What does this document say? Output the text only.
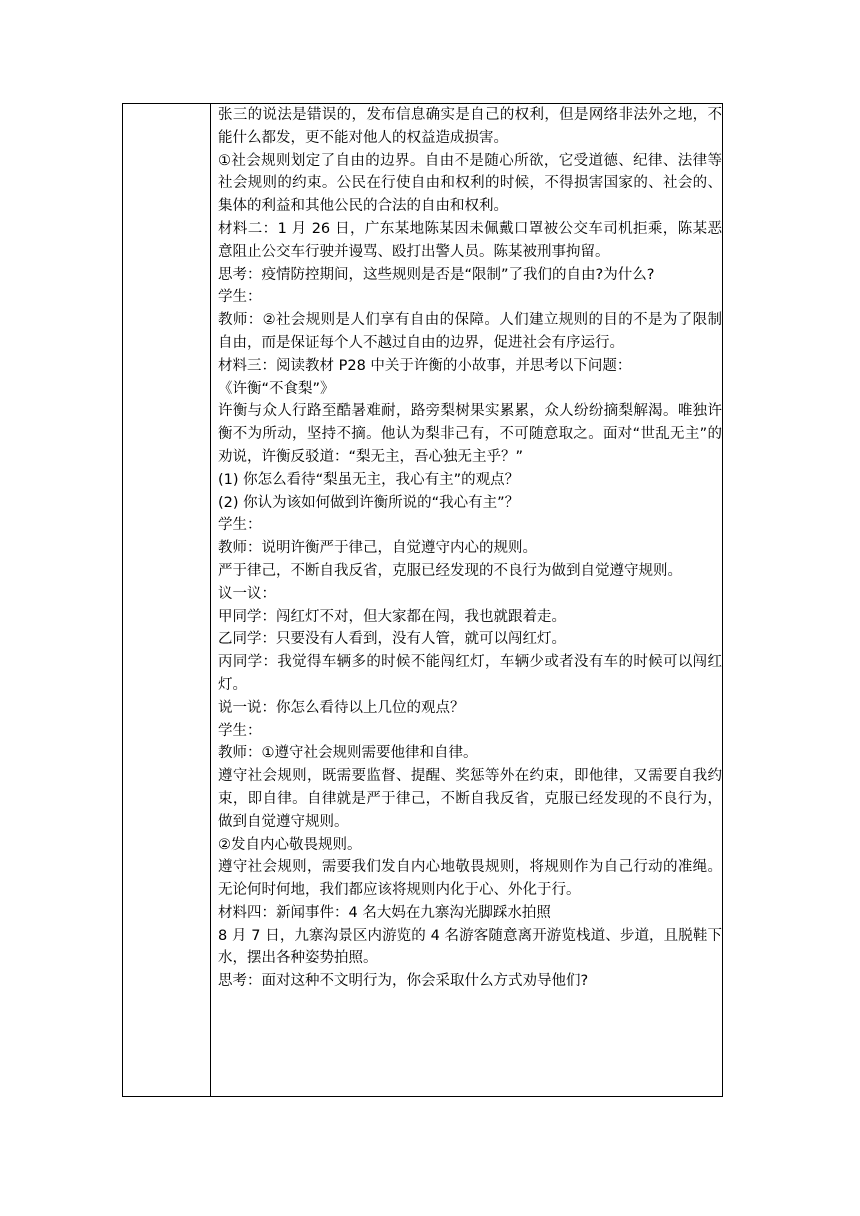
张三的说法是错误的，发布信息确实是自己的权利，但是网络非法外之地，不能什么都发，更不能对他人的权益造成损害。

①社会规则划定了自由的边界。自由不是随心所欲，它受道德、纪律、法律等社会规则的约束。公民在行使自由和权利的时候，不得损害国家的、社会的、集体的利益和其他公民的合法的自由和权利。

材料二：1 月 26 日，广东某地陈某因未佩戴口罩被公交车司机拒乘，陈某恶意阻止公交车行驶并谩骂、殴打出警人员。陈某被刑事拘留。

思考：疫情防控期间，这些规则是否是“限制”了我们的自由?为什么?

学生：

教师：②社会规则是人们享有自由的保障。人们建立规则的目的不是为了限制自由，而是保证每个人不越过自由的边界，促进社会有序运行。

材料三：阅读教材 P28 中关于许衡的小故事，并思考以下问题：

《许衡“不食梨”》

许衡与众人行路至酷暑难耐，路旁梨树果实累累，众人纷纷摘梨解渴。唯独许衡不为所动，坚持不摘。他认为梨非己有，不可随意取之。面对“世乱无主”的劝说，许衡反驳道：“梨无主，吾心独无主乎？”

(1) 你怎么看待“梨虽无主，我心有主”的观点？

(2) 你认为该如何做到许衡所说的“我心有主”？

学生：

教师：说明许衡严于律己，自觉遵守内心的规则。

严于律己，不断自我反省，克服已经发现的不良行为做到自觉遵守规则。

议一议：

甲同学：闯红灯不对，但大家都在闯，我也就跟着走。

乙同学：只要没有人看到，没有人管，就可以闯红灯。

丙同学：我觉得车辆多的时候不能闯红灯，车辆少或者没有车的时候可以闯红灯。

说一说：你怎么看待以上几位的观点？

学生：

教师：①遵守社会规则需要他律和自律。

遵守社会规则，既需要监督、提醒、奖惩等外在约束，即他律，又需要自我约束，即自律。自律就是严于律己，不断自我反省，克服已经发现的不良行为，做到自觉遵守规则。

②发自内心敬畏规则。

遵守社会规则，需要我们发自内心地敬畏规则，将规则作为自己行动的准绳。无论何时何地，我们都应该将规则内化于心、外化于行。

材料四：新闻事件：4 名大妈在九寨沟光脚踩水拍照

8 月 7 日，九寨沟景区内游览的 4 名游客随意离开游览栈道、步道，且脱鞋下水，摆出各种姿势拍照。

思考：面对这种不文明行为，你会采取什么方式劝导他们?
